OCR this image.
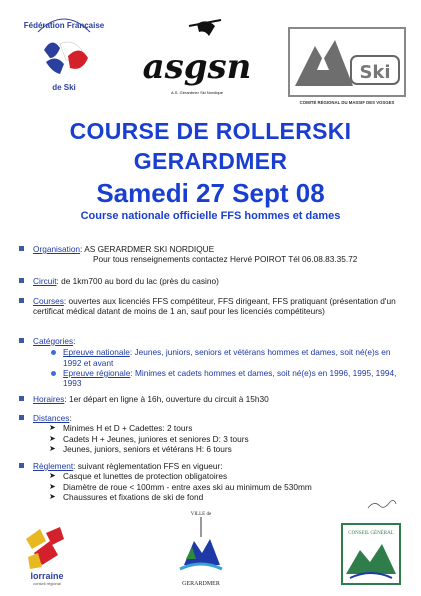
Fédération Française
de Ski
asgsn
A.S. Gérardmer Ski Nordique
Ski
COMITÉ RÉGIONAL DU MASSIF DES VOSGES
COURSE DE ROLLERSKI
GERARDMER
Samedi 27 Sept 08
Course nationale officielle FFS hommes et dames
Organisation: AS GERARDMER SKI NORDIQUE
Pour tous renseignements contactez Hervé POIROT Tél 06.08.83.35.72
Circuit: de 1km700 au bord du lac (près du casino)
Courses: ouvertes aux licenciés FFS compétiteur, FFS dirigeant, FFS pratiquant (présentation d'un certificat médical datant de moins de 1 an, sauf pour les licenciés compétiteurs)
Catégories:
Epreuve nationale: Jeunes, juniors, seniors et vétérans hommes et dames, soit né(e)s en 1992 et avant
Epreuve régionale: Minimes et cadets hommes et dames, soit né(e)s en 1996, 1995, 1994, 1993
Horaires: 1er départ en ligne à 16h, ouverture du circuit à 15h30
Distances:
➤ Minimes H et D + Cadettes: 2 tours
➤ Cadets H + Jeunes, juniores et seniores D: 3 tours
➤ Jeunes, juniors, seniors et vétérans H: 6 tours
Règlement: suivant règlementation FFS en vigueur:
➤ Casque et lunettes de protection obligatoires
➤ Diamètre de roue < 100mm - entre axes ski au minimum de 530mm
➤ Chaussures et fixations de ski de fond
lorraine
conseil régional
VILLE de
GERARDMER
CONSEIL GÉNÉRAL
